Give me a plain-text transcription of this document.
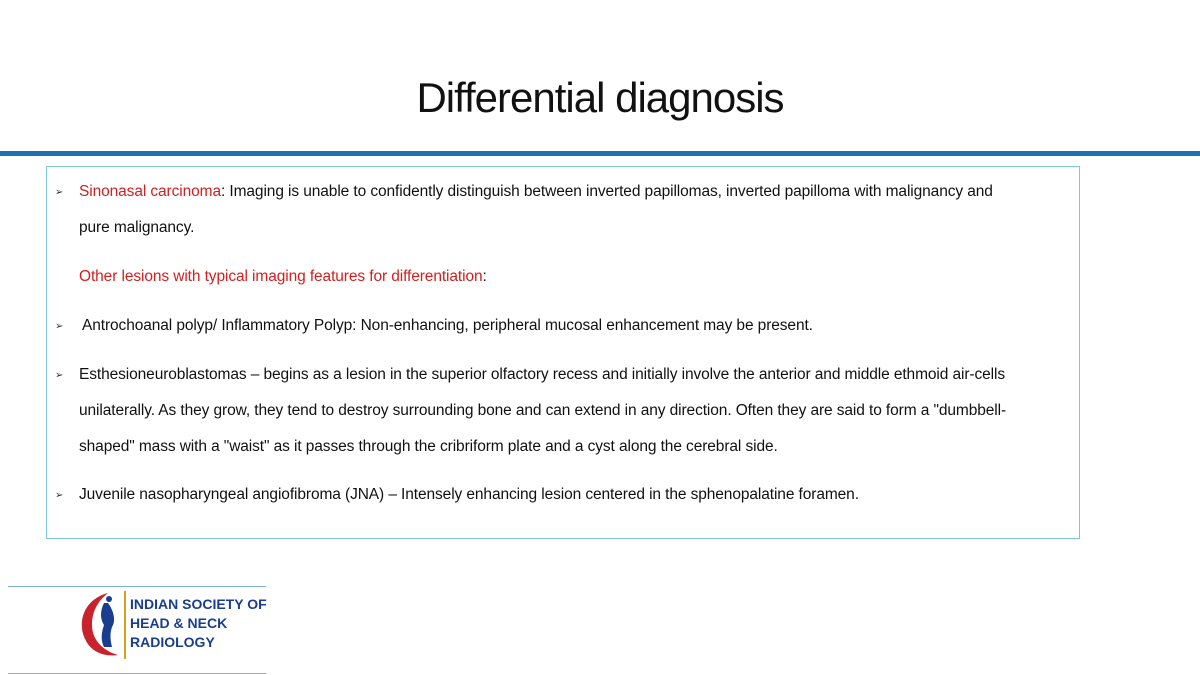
Differential diagnosis
➢ Sinonasal carcinoma: Imaging is unable to confidently distinguish between inverted papillomas, inverted papilloma with malignancy and
pure malignancy.
Other lesions with typical imaging features for differentiation:
➢ Antrochoanal polyp/ Inflammatory Polyp: Non-enhancing, peripheral mucosal enhancement may be present.
➢ Esthesioneuroblastomas – begins as a lesion in the superior olfactory recess and initially involve the anterior and middle ethmoid air-cells
unilaterally. As they grow, they tend to destroy surrounding bone and can extend in any direction. Often they are said to form a "dumbbell-
shaped" mass with a "waist" as it passes through the cribriform plate and a cyst along the cerebral side.
➢ Juvenile nasopharyngeal angiofibroma (JNA) – Intensely enhancing lesion centered in the sphenopalatine foramen.
INDIAN SOCIETY OF
HEAD & NECK
RADIOLOGY
